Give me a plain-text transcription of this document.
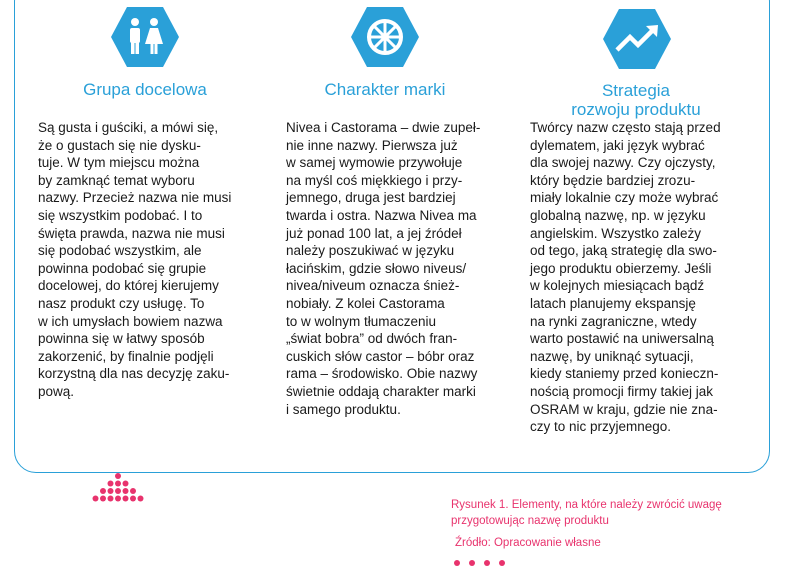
Grupa docelowa
Są gusta i guściki, a mówi się,
że o gustach się nie dysku-
tuje. W tym miejscu można
by zamknąć temat wyboru
nazwy. Przecież nazwa nie musi
się wszystkim podobać. I to
święta prawda, nazwa nie musi
się podobać wszystkim, ale
powinna podobać się grupie
docelowej, do której kierujemy
nasz produkt czy usługę. To
w ich umysłach bowiem nazwa
powinna się w łatwy sposób
zakorzenić, by finalnie podjęli
korzystną dla nas decyzję zaku-
pową.
Charakter marki
Nivea i Castorama – dwie zupeł-
nie inne nazwy. Pierwsza już
w samej wymowie przywołuje
na myśl coś miękkiego i przy-
jemnego, druga jest bardziej
twarda i ostra. Nazwa Nivea ma
już ponad 100 lat, a jej źródeł
należy poszukiwać w języku
łacińskim, gdzie słowo niveus/
nivea/niveum oznacza śnież-
nobiały. Z kolei Castorama
to w wolnym tłumaczeniu
„świat bobra” od dwóch fran-
cuskich słów castor – bóbr oraz
rama – środowisko. Obie nazwy
świetnie oddają charakter marki
i samego produktu.
Strategia
rozwoju produktu
Twórcy nazw często stają przed
dylematem, jaki język wybrać
dla swojej nazwy. Czy ojczysty,
który będzie bardziej zrozu-
miały lokalnie czy może wybrać
globalną nazwę, np. w języku
angielskim. Wszystko zależy
od tego, jaką strategię dla swo-
jego produktu obierzemy. Jeśli
w kolejnych miesiącach bądź
latach planujemy ekspansję
na rynki zagraniczne, wtedy
warto postawić na uniwersalną
nazwę, by uniknąć sytuacji,
kiedy staniemy przed konieczn-
nością promocji firmy takiej jak
OSRAM w kraju, gdzie nie zna-
czy to nic przyjemnego.
Rysunek 1. Elementy, na które należy zwrócić uwagę
przygotowując nazwę produktu
Źródło: Opracowanie własne
